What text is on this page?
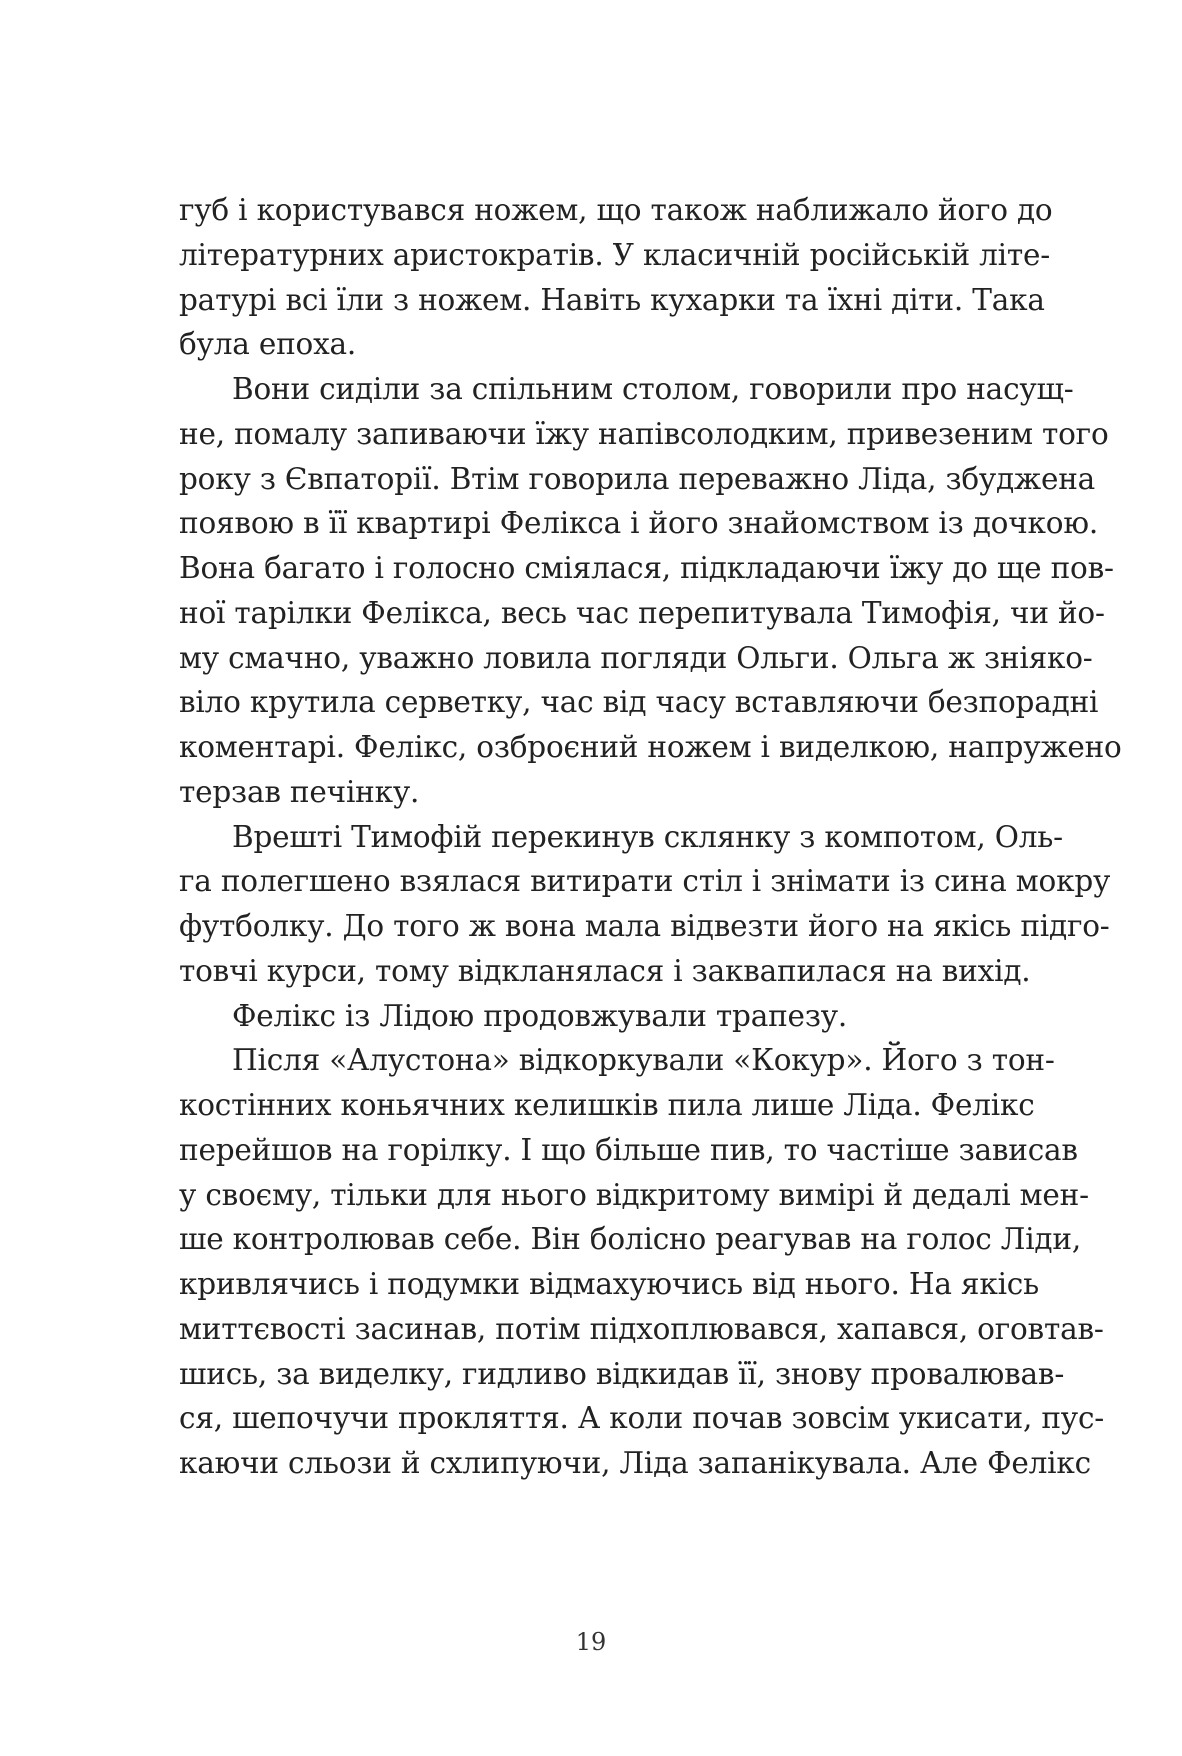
губ і користувався ножем, що також наближало його до
літературних аристократів. У класичній російській літе-
ратурі всі їли з ножем. Навіть кухарки та їхні діти. Така
була епоха.
Вони сиділи за спільним столом, говорили про насущ-
не, помалу запиваючи їжу напівсолодким, привезеним того
року з Євпаторії. Втім говорила переважно Ліда, збуджена
появою в її квартирі Фелікса і його знайомством із дочкою.
Вона багато і голосно сміялася, підкладаючи їжу до ще пов-
ної тарілки Фелікса, весь час перепитувала Тимофія, чи йо-
му смачно, уважно ловила погляди Ольги. Ольга ж зніяко-
віло крутила серветку, час від часу вставляючи безпорадні
коментарі. Фелікс, озброєний ножем і виделкою, напружено
терзав печінку.
Врешті Тимофій перекинув склянку з компотом, Оль-
га полегшено взялася витирати стіл і знімати із сина мокру
футболку. До того ж вона мала відвезти його на якісь підго-
товчі курси, тому відкланялася і заквапилася на вихід.
Фелікс із Лідою продовжували трапезу.
Після «Алустона» відкоркували «Кокур». Його з тон-
костінних коньячних келишків пила лише Ліда. Фелікс
перейшов на горілку. І що більше пив, то частіше зависав
у своєму, тільки для нього відкритому вимірі й дедалі мен-
ше контролював себе. Він болісно реагував на голос Ліди,
кривлячись і подумки відмахуючись від нього. На якісь
миттєвості засинав, потім підхоплювався, хапався, оговтав-
шись, за виделку, гидливо відкидав її, знову провалював-
ся, шепочучи прокляття. А коли почав зовсім укисати, пус-
каючи сльози й схлипуючи, Ліда запанікувала. Але Фелікс
19
